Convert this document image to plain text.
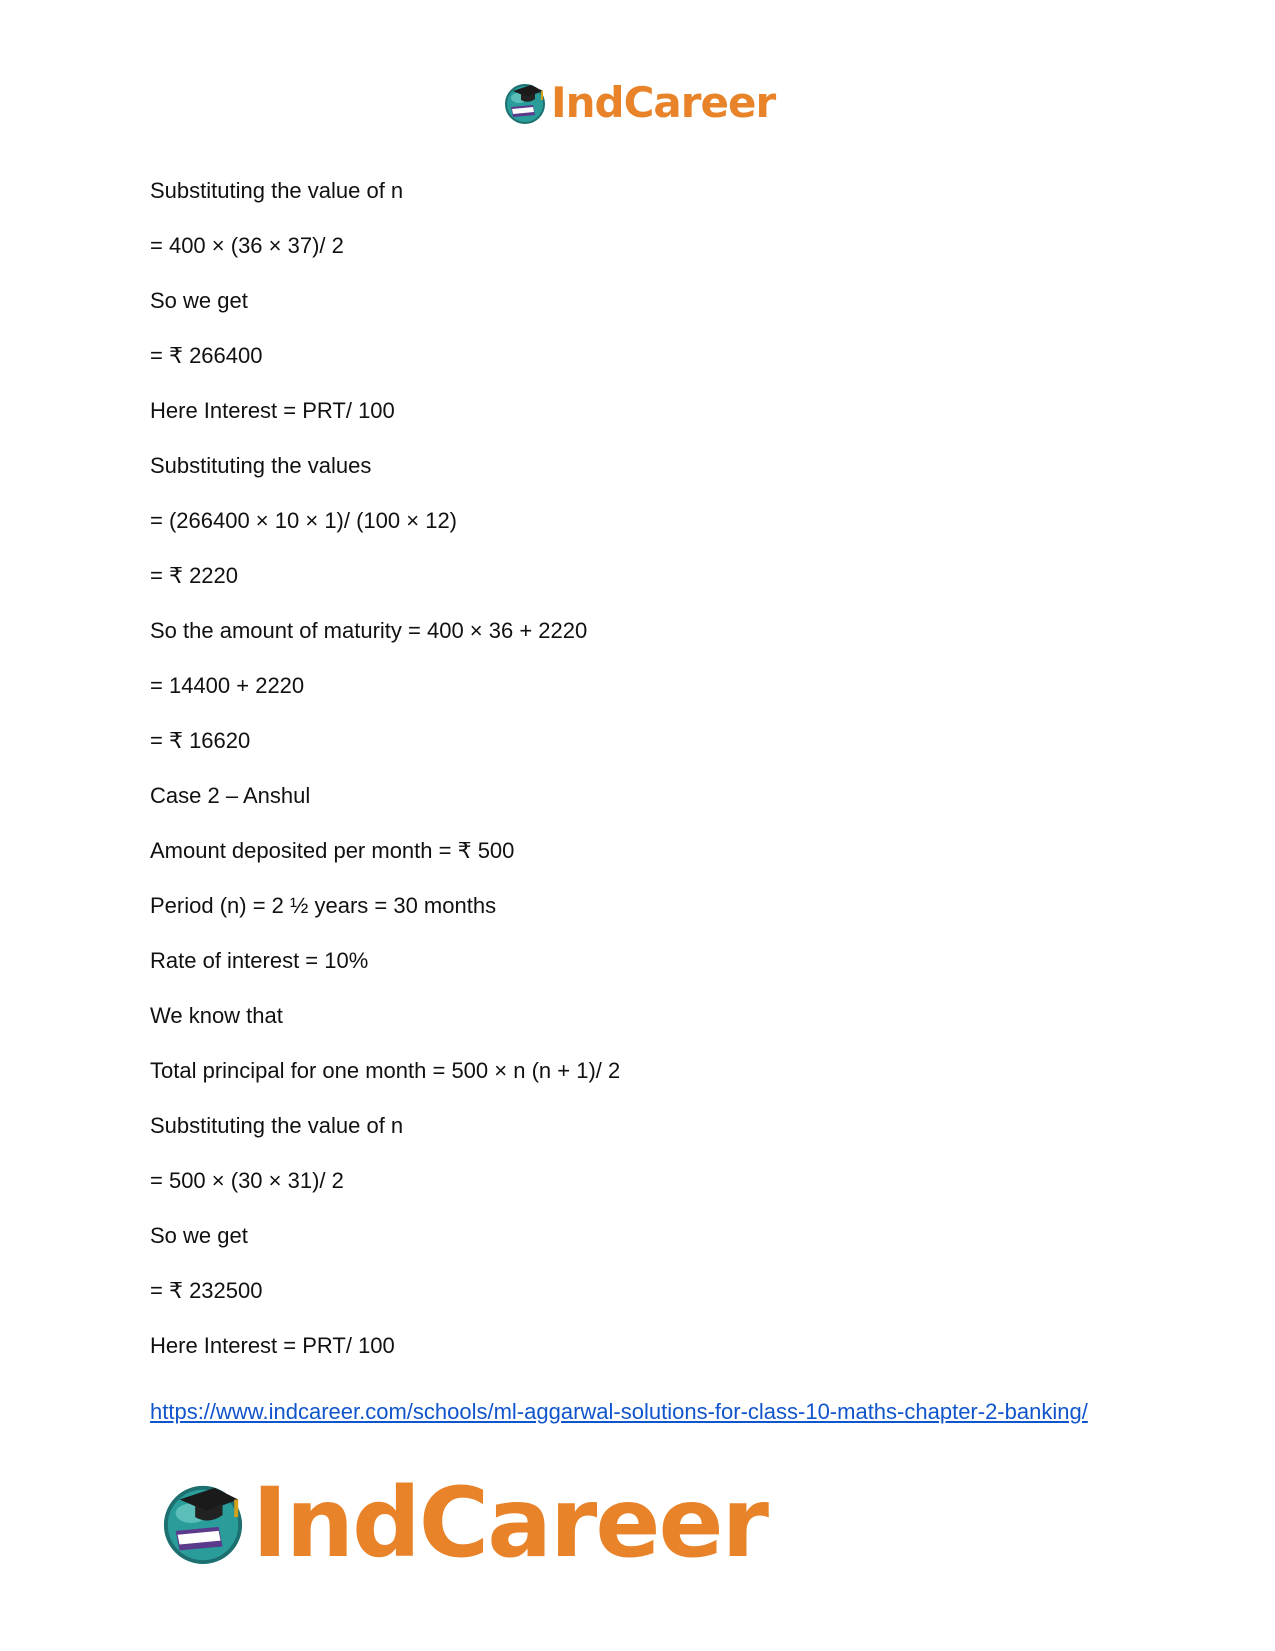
IndCareer
Substituting the value of n
= 400 × (36 × 37)/ 2
So we get
= ₹ 266400
Here Interest = PRT/ 100
Substituting the values
= (266400 × 10 × 1)/ (100 × 12)
= ₹ 2220
So the amount of maturity = 400 × 36 + 2220
= 14400 + 2220
= ₹ 16620
Case 2 – Anshul
Amount deposited per month = ₹ 500
Period (n) = 2 ½ years = 30 months
Rate of interest = 10%
We know that
Total principal for one month = 500 × n (n + 1)/ 2
Substituting the value of n
= 500 × (30 × 31)/ 2
So we get
= ₹ 232500
Here Interest = PRT/ 100
https://www.indcareer.com/schools/ml-aggarwal-solutions-for-class-10-maths-chapter-2-banking/
IndCareer
